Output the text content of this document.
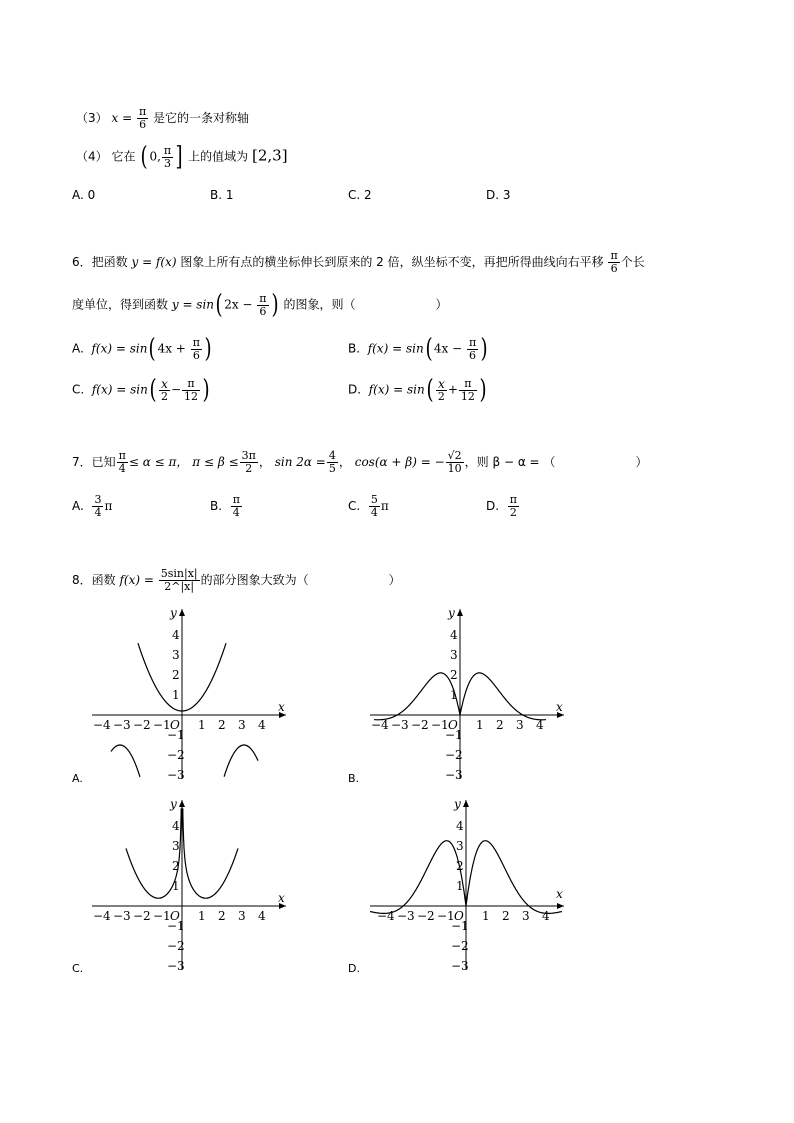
（3） $x = \frac{\pi}{6}$ 是它的一条对称轴
（4） 它在 ( 0, $\frac{\pi}{3}$ ] 上的值域为 [2,3]
A. 0	B. 1	C. 2	D. 3
6．把函数 y = f(x) 图象上所有点的横坐标伸长到原来的 2 倍，纵坐标不变，再把所得曲线向右平移 $\frac{\pi}{6}$ 个长
度单位，得到函数 y = sin( $2x - \frac{\pi}{6}$ ) 的图象，则（	）
A. f(x) = sin( $4x + \frac{\pi}{6}$ )	B. f(x) = sin( $4x - \frac{\pi}{6}$ )
C. $f(x) = \sin( \frac{x}{2} - \frac{\pi}{12}$ )	D. $f(x) = \sin( \frac{x}{2} + \frac{\pi}{12}$ )
7．已知 $\frac{\pi}{4} \le \alpha \le \pi$， $\pi \le \beta \le \frac{3\pi}{2}$ ， $\sin 2\alpha = \frac{4}{5}$ ， cos(α + β) = − $\frac{√2}{10}$ ，则 β − α = （	）
A. $\frac{3}{4}$ π	B. $\frac{\pi}{4}$	C. $\frac{5}{4}$ π	D. $\frac{\pi}{2}$
8．函数 $f(x) = \frac{5\sin|x|}{2\^{}|x|}$ 的部分图象大致为（	）
x
y
O
−4 −3 −2 −1 1 2 3 4
4
3
2
1
−1
−2
−3
A.
x
y
O
−4 −3 −2 −1 1 2 3 4
4
3
2
1
−1
−2
−3
B.
x
y
O
−4 −3 −2 −1 1 2 3 4
4
3
2
1
−1
−2
−3
C.
x
y
O
−4 −3 −2 −1 1 2 3 4
4
3
2
1
−1
−2
−3
D.
